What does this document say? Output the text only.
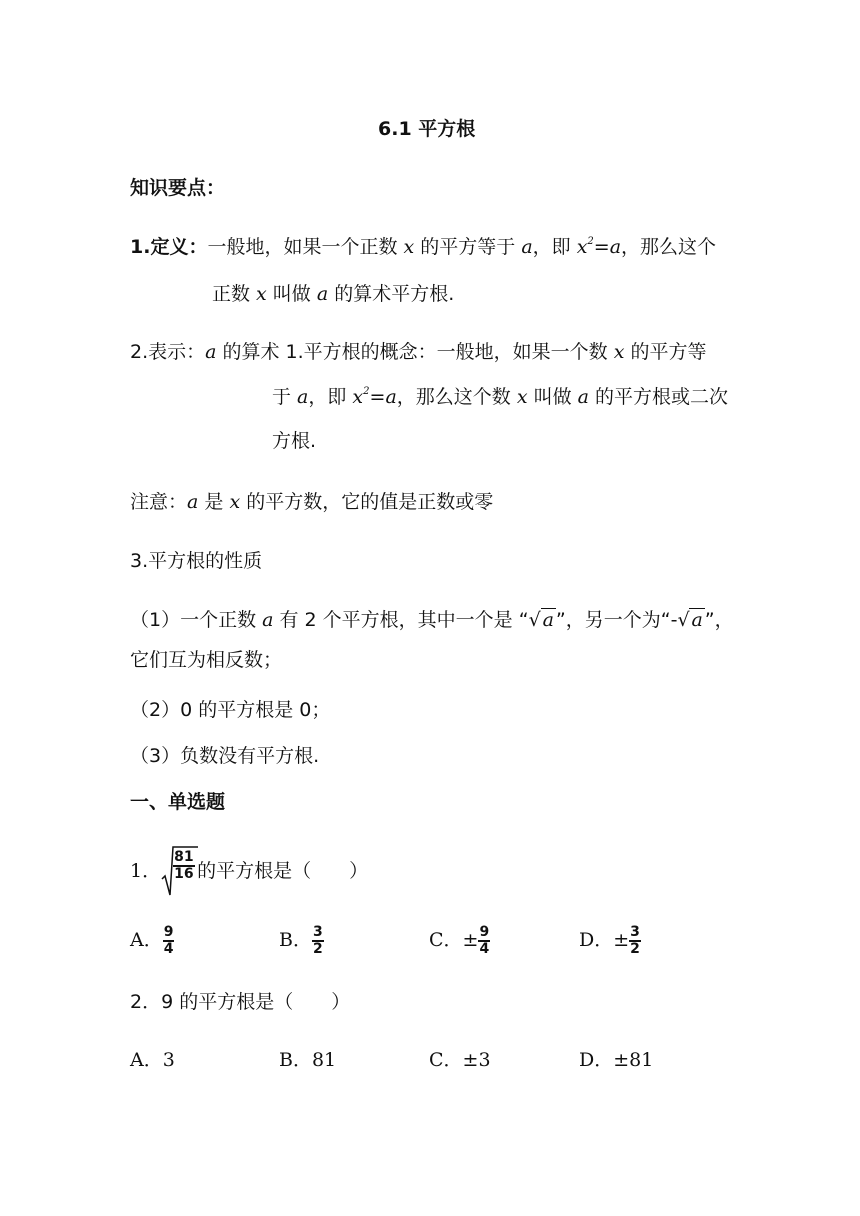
6.1 平方根
知识要点：
1.定义：一般地，如果一个正数 x 的平方等于 a，即 $x^2=a$，那么这个
正数 x 叫做 a 的算术平方根.
2.表示：a 的算术 1.平方根的概念：一般地，如果一个数 x 的平方等
于 a，即 $x^2=a$，那么这个数 x 叫做 a 的平方根或二次
方根.
注意：a 是 x 的平方数，它的值是正数或零
3.平方根的性质
（1）一个正数 a 有 2 个平方根，其中一个是 “ √ a ”，另一个为“- √ a ”，
它们互为相反数；
（2）0 的平方根是 0；
（3）负数没有平方根.
一、单选题
1． $\frac{81}{16}$ 的平方根是（　　）
A． $\frac{9}{4}$	B． $\frac{3}{2}$	C．± $\frac{9}{4}$	D．± $\frac{3}{2}$
2．9 的平方根是（　　）
A．3	B．81	C．±3	D．±81
